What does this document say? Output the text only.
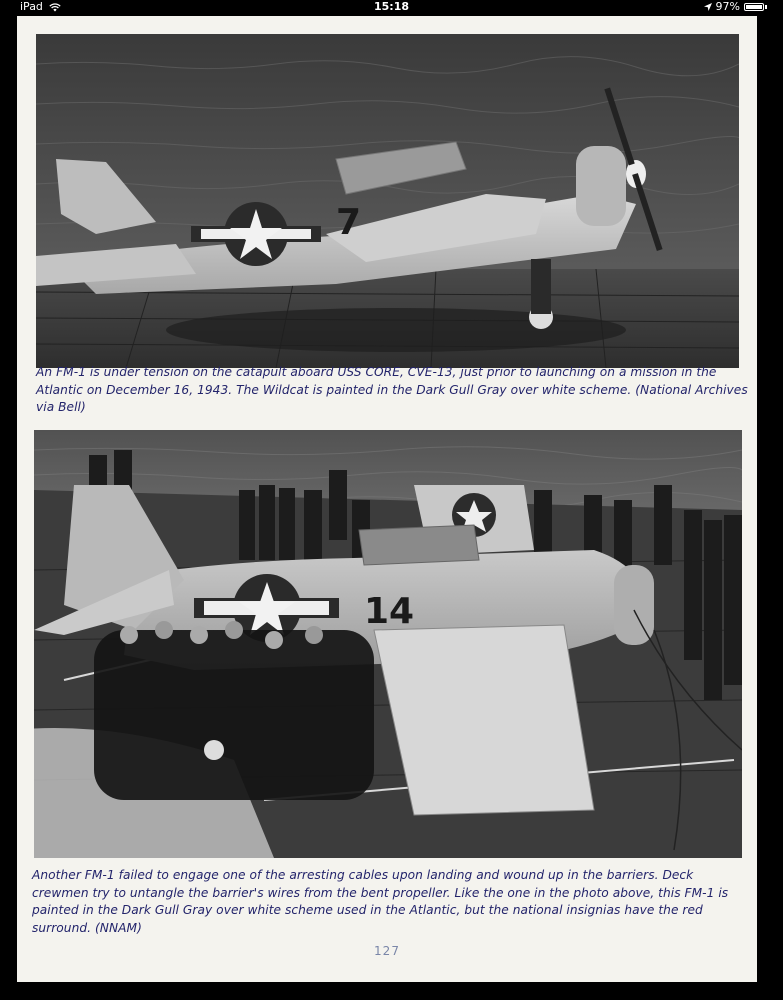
iPad	15:18	97%
7

An FM-1 is under tension on the catapult aboard USS CORE, CVE-13, just prior to launching on a mission in the Atlantic on December 16, 1943. The Wildcat is painted in the Dark Gull Gray over white scheme. (National Archives via Bell)

14

Another FM-1 failed to engage one of the arresting cables upon landing and wound up in the barriers. Deck crewmen try to untangle the barrier's wires from the bent propeller. Like the one in the photo above, this FM-1 is painted in the Dark Gull Gray over white scheme used in the Atlantic, but the national insignias have the red surround. (NNAM)

127
